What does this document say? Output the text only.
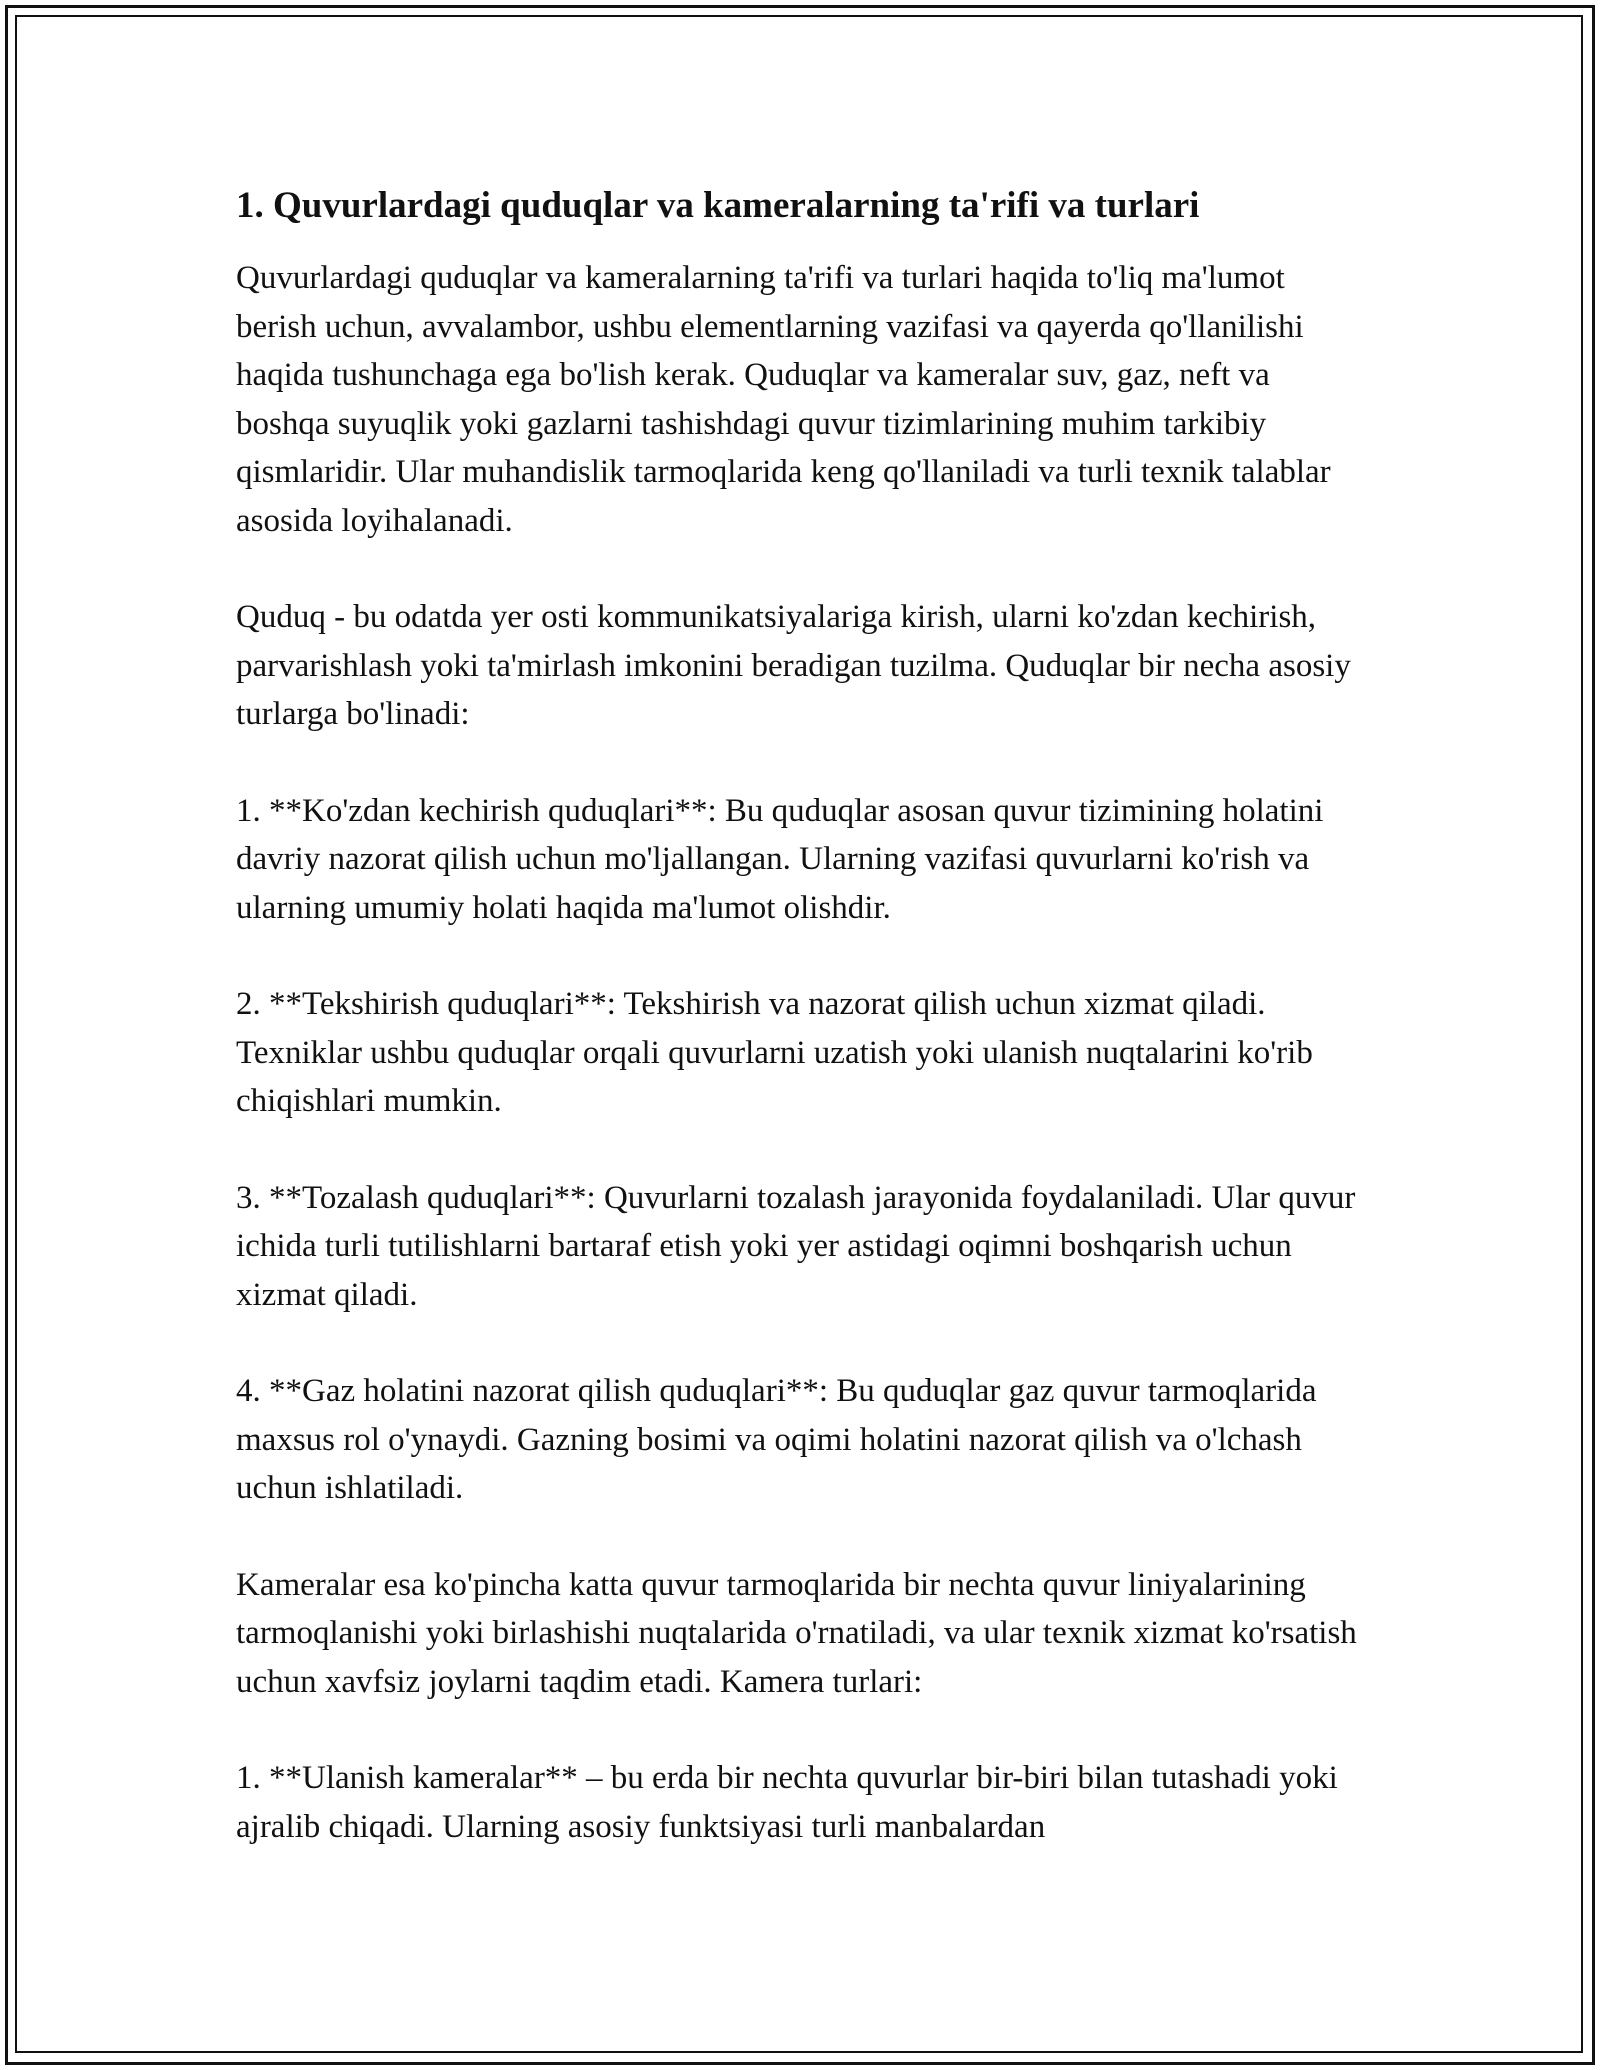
1. Quvurlardagi quduqlar va kameralarning ta'rifi va turlari

Quvurlardagi quduqlar va kameralarning ta'rifi va turlari haqida to'liq ma'lumot berish uchun, avvalambor, ushbu elementlarning vazifasi va qayerda qo'llanilishi haqida tushunchaga ega bo'lish kerak. Quduqlar va kameralar suv, gaz, neft va boshqa suyuqlik yoki gazlarni tashishdagi quvur tizimlarining muhim tarkibiy qismlaridir. Ular muhandislik tarmoqlarida keng qo'llaniladi va turli texnik talablar asosida loyihalanadi.

Quduq - bu odatda yer osti kommunikatsiyalariga kirish, ularni ko'zdan kechirish, parvarishlash yoki ta'mirlash imkonini beradigan tuzilma. Quduqlar bir necha asosiy turlarga bo'linadi:

1. **Ko'zdan kechirish quduqlari**: Bu quduqlar asosan quvur tizimining holatini davriy nazorat qilish uchun mo'ljallangan. Ularning vazifasi quvurlarni ko'rish va ularning umumiy holati haqida ma'lumot olishdir.

2. **Tekshirish quduqlari**: Tekshirish va nazorat qilish uchun xizmat qiladi. Texniklar ushbu quduqlar orqali quvurlarni uzatish yoki ulanish nuqtalarini ko'rib chiqishlari mumkin.

3. **Tozalash quduqlari**: Quvurlarni tozalash jarayonida foydalaniladi. Ular quvur ichida turli tutilishlarni bartaraf etish yoki yer astidagi oqimni boshqarish uchun xizmat qiladi.

4. **Gaz holatini nazorat qilish quduqlari**: Bu quduqlar gaz quvur tarmoqlarida maxsus rol o'ynaydi. Gazning bosimi va oqimi holatini nazorat qilish va o'lchash uchun ishlatiladi.

Kameralar esa ko'pincha katta quvur tarmoqlarida bir nechta quvur liniyalarining tarmoqlanishi yoki birlashishi nuqtalarida o'rnatiladi, va ular texnik xizmat ko'rsatish uchun xavfsiz joylarni taqdim etadi. Kamera turlari:

1. **Ulanish kameralar** – bu erda bir nechta quvurlar bir-biri bilan tutashadi yoki ajralib chiqadi. Ularning asosiy funktsiyasi turli manbalardan
